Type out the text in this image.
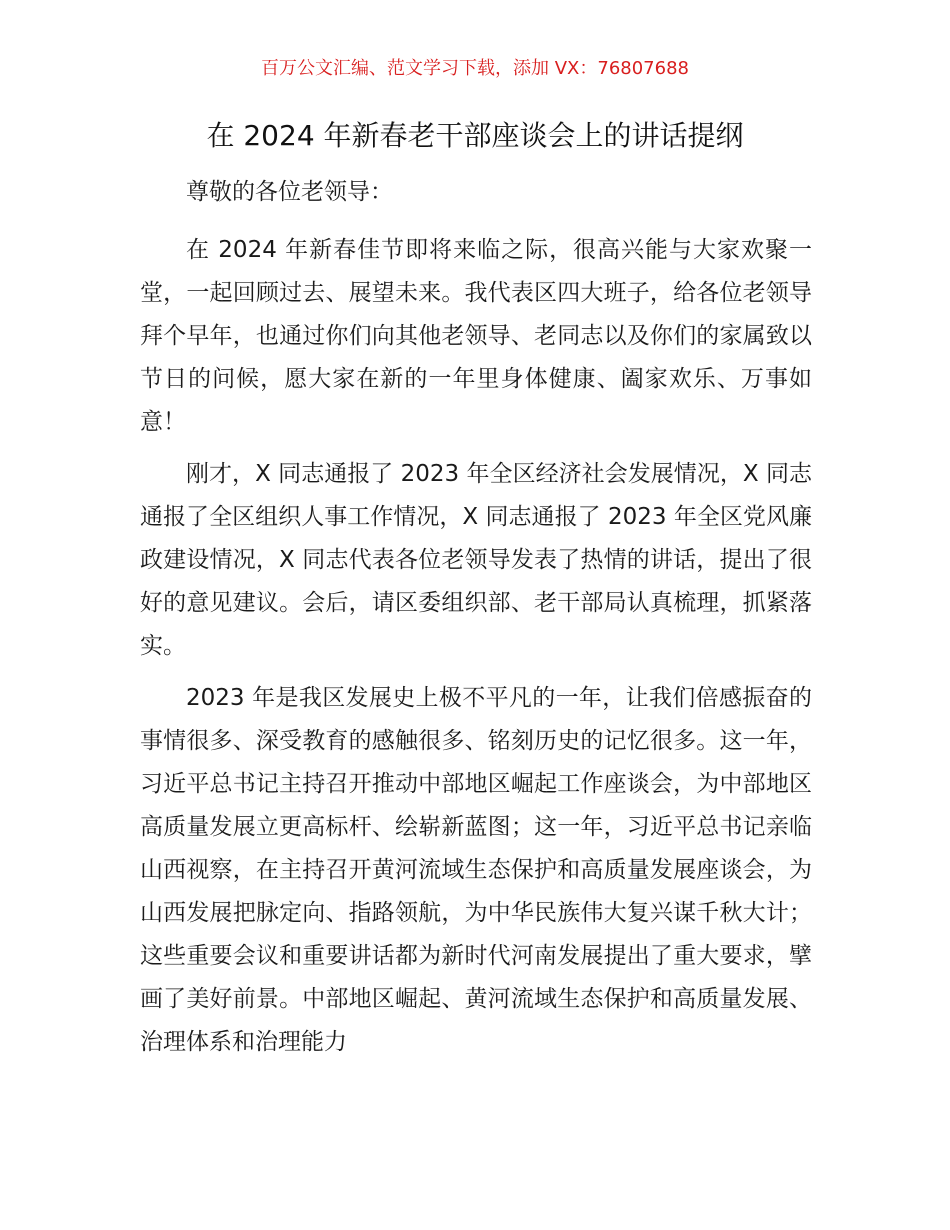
百万公文汇编、范文学习下载，添加 VX：76807688
在 2024 年新春老干部座谈会上的讲话提纲

尊敬的各位老领导：

在 2024 年新春佳节即将来临之际，很高兴能与大家欢聚一堂，一起回顾过去、展望未来。我代表区四大班子，给各位老领导拜个早年，也通过你们向其他老领导、老同志以及你们的家属致以节日的问候，愿大家在新的一年里身体健康、阖家欢乐、万事如意！

刚才，X 同志通报了 2023 年全区经济社会发展情况，X 同志通报了全区组织人事工作情况，X 同志通报了 2023 年全区党风廉政建设情况，X 同志代表各位老领导发表了热情的讲话，提出了很好的意见建议。会后，请区委组织部、老干部局认真梳理，抓紧落实。

2023 年是我区发展史上极不平凡的一年，让我们倍感振奋的事情很多、深受教育的感触很多、铭刻历史的记忆很多。这一年，习近平总书记主持召开推动中部地区崛起工作座谈会，为中部地区高质量发展立更高标杆、绘崭新蓝图；这一年，习近平总书记亲临山西视察，在主持召开黄河流域生态保护和高质量发展座谈会，为山西发展把脉定向、指路领航，为中华民族伟大复兴谋千秋大计；这些重要会议和重要讲话都为新时代河南发展提出了重大要求，擘画了美好前景。中部地区崛起、黄河流域生态保护和高质量发展、治理体系和治理能力
